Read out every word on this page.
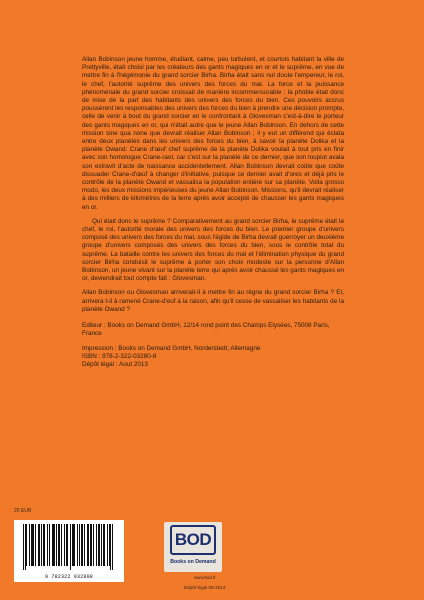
Allan Bobinson jeune homme, étudiant, calme, peu turbulent, et courtois habitant la ville de Prettyville, était choisi par les créateurs des gants magiques en or et le suprême, en vue de mettre fin à l'hégémonie du grand sorcier Birha. Birha était sans nul doute l'empereur, le roi, le chef, l'autorité suprême des univers des forces du mal. La force et la puissance phénoménale du grand sorcier croissait de manière incommensurable ; la phobie était donc de mise de la part des habitants des univers des forces du bien. Ces pouvoirs accrus poussèrent les responsables des univers des forces du bien à prendre une décision prompte, celle de venir à bout du grand sorcier en le confrontant à Glovesman c'est-à-dire le porteur des gants magiques en or, qui n'était autre que le jeune Allan Bobinson. En dehors de cette mission sine qua none que devrait réaliser Allan Bobinson ; il y eut un différend qui éclata entre deux planètes dans les univers des forces du bien, à savoir la planète Dolika et la planète Owand: Crane d'œuf chef suprême de la planète Dolika voulait à tout pris en finir avec son homologue Crane-raol, car c'est sur la planète de ce dernier, que son loupiot avala son extravit d'acte de naissance accidentellement. Allan Bobinson devrait coûte que coûte dissuader Crane-d'œuf à changer d'initiative, puisque ce dernier avait d'ores et déjà pris le contrôle de la planète Owand et vassalisa la population entière sur sa planète. Voila grosso modo, les deux missions impérieuses du jeune Allan Bobinson. Missions, qu'il devrait réaliser à des milliers de kilomètres de la terre après avoir accepté de chausser les gants magiques en or.

Qui était donc le suprême ? Comparativement au grand sorcier Birha, le suprême était le chef, le roi, l'autorité morale des univers des forces du bien. Le premier groupe d'univers composé des univers des forces du mal, sous l'égide de Birha devrait guerroyer un deuxième groupe d'univers composés des univers des forces du bien, sous le contrôle total du suprême. La bataille contre les univers des forces du mal et l'élimination physique du grand sorcier Birha conduisit le suprême à porter son choix modeste sur la personne d'Allan Bobinson, un jeune vivant sur la planète terre qui après avoir chaussé les gants magiques en or, deviendrait tout compte fait : Glovesman.

Allan Bobinson ou Glovesman arriverait-il à mettre fin au règne du grand sorcier Birha ? Et, arrivera t-il à ramené Crane-d'euf à la raison, afin qu'il cesse de vassaliser les habitants de la planète Owand ?

Editeur : Books on Demand GmbH, 12/14 rond point des Champs Elysées, 75008 Paris, France
Impression : Books on Demand GmbH, Norderstedt, Allemagne
ISBN : 978-2-322-03280-8
Dépôt légal : Aout 2013
20 EUR
9 782322 032808
BOD
Books on Demand
www.bod.fr
Dépôt légal 08-2013
